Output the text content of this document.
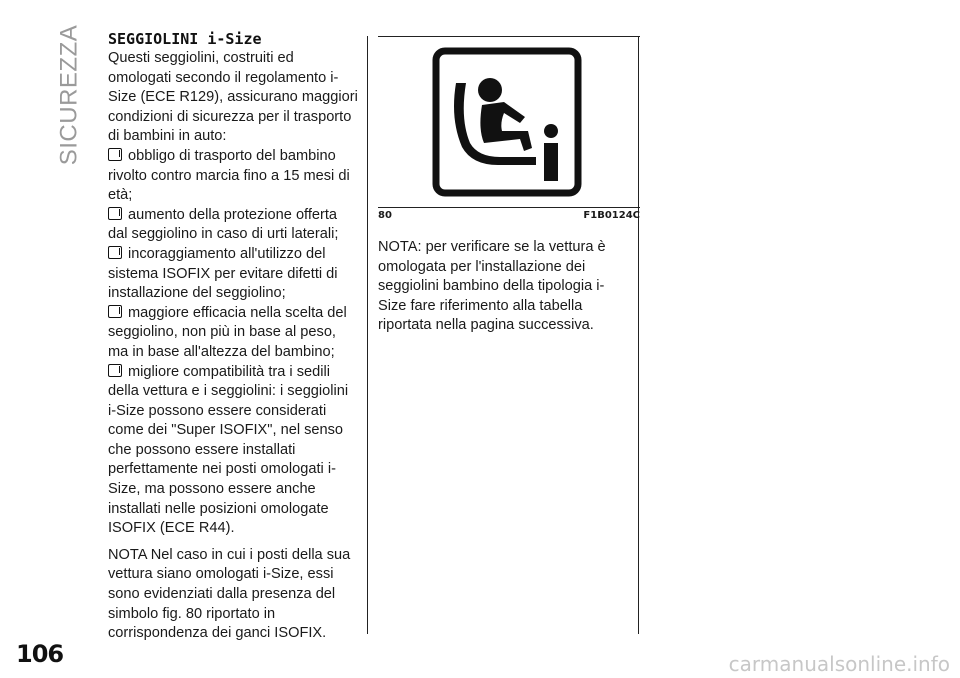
SICUREZZA SEGGIOLINI i-Size

Questi seggiolini, costruiti ed omologati secondo il regolamento i-Size (ECE R129), assicurano maggiori condizioni di sicurezza per il trasporto di bambini in auto:

obbligo di trasporto del bambino rivolto contro marcia fino a 15 mesi di età;

aumento della protezione offerta dal seggiolino in caso di urti laterali;

incoraggiamento all'utilizzo del sistema ISOFIX per evitare difetti di installazione del seggiolino;

maggiore efficacia nella scelta del seggiolino, non più in base al peso, ma in base all'altezza del bambino;

migliore compatibilità tra i sedili della vettura e i seggiolini: i seggiolini i-Size possono essere considerati come dei "Super ISOFIX", nel senso che possono essere installati perfettamente nei posti omologati i-Size, ma possono essere anche installati nelle posizioni omologate ISOFIX (ECE R44).

NOTA Nel caso in cui i posti della sua vettura siano omologati i-Size, essi sono evidenziati dalla presenza del simbolo fig. 80 riportato in corrispondenza dei ganci ISOFIX.

80	F1B0124C

NOTA: per verificare se la vettura è omologata per l'installazione dei seggiolini bambino della tipologia i-Size fare riferimento alla tabella riportata nella pagina successiva.

106	carmanualsonline.info
